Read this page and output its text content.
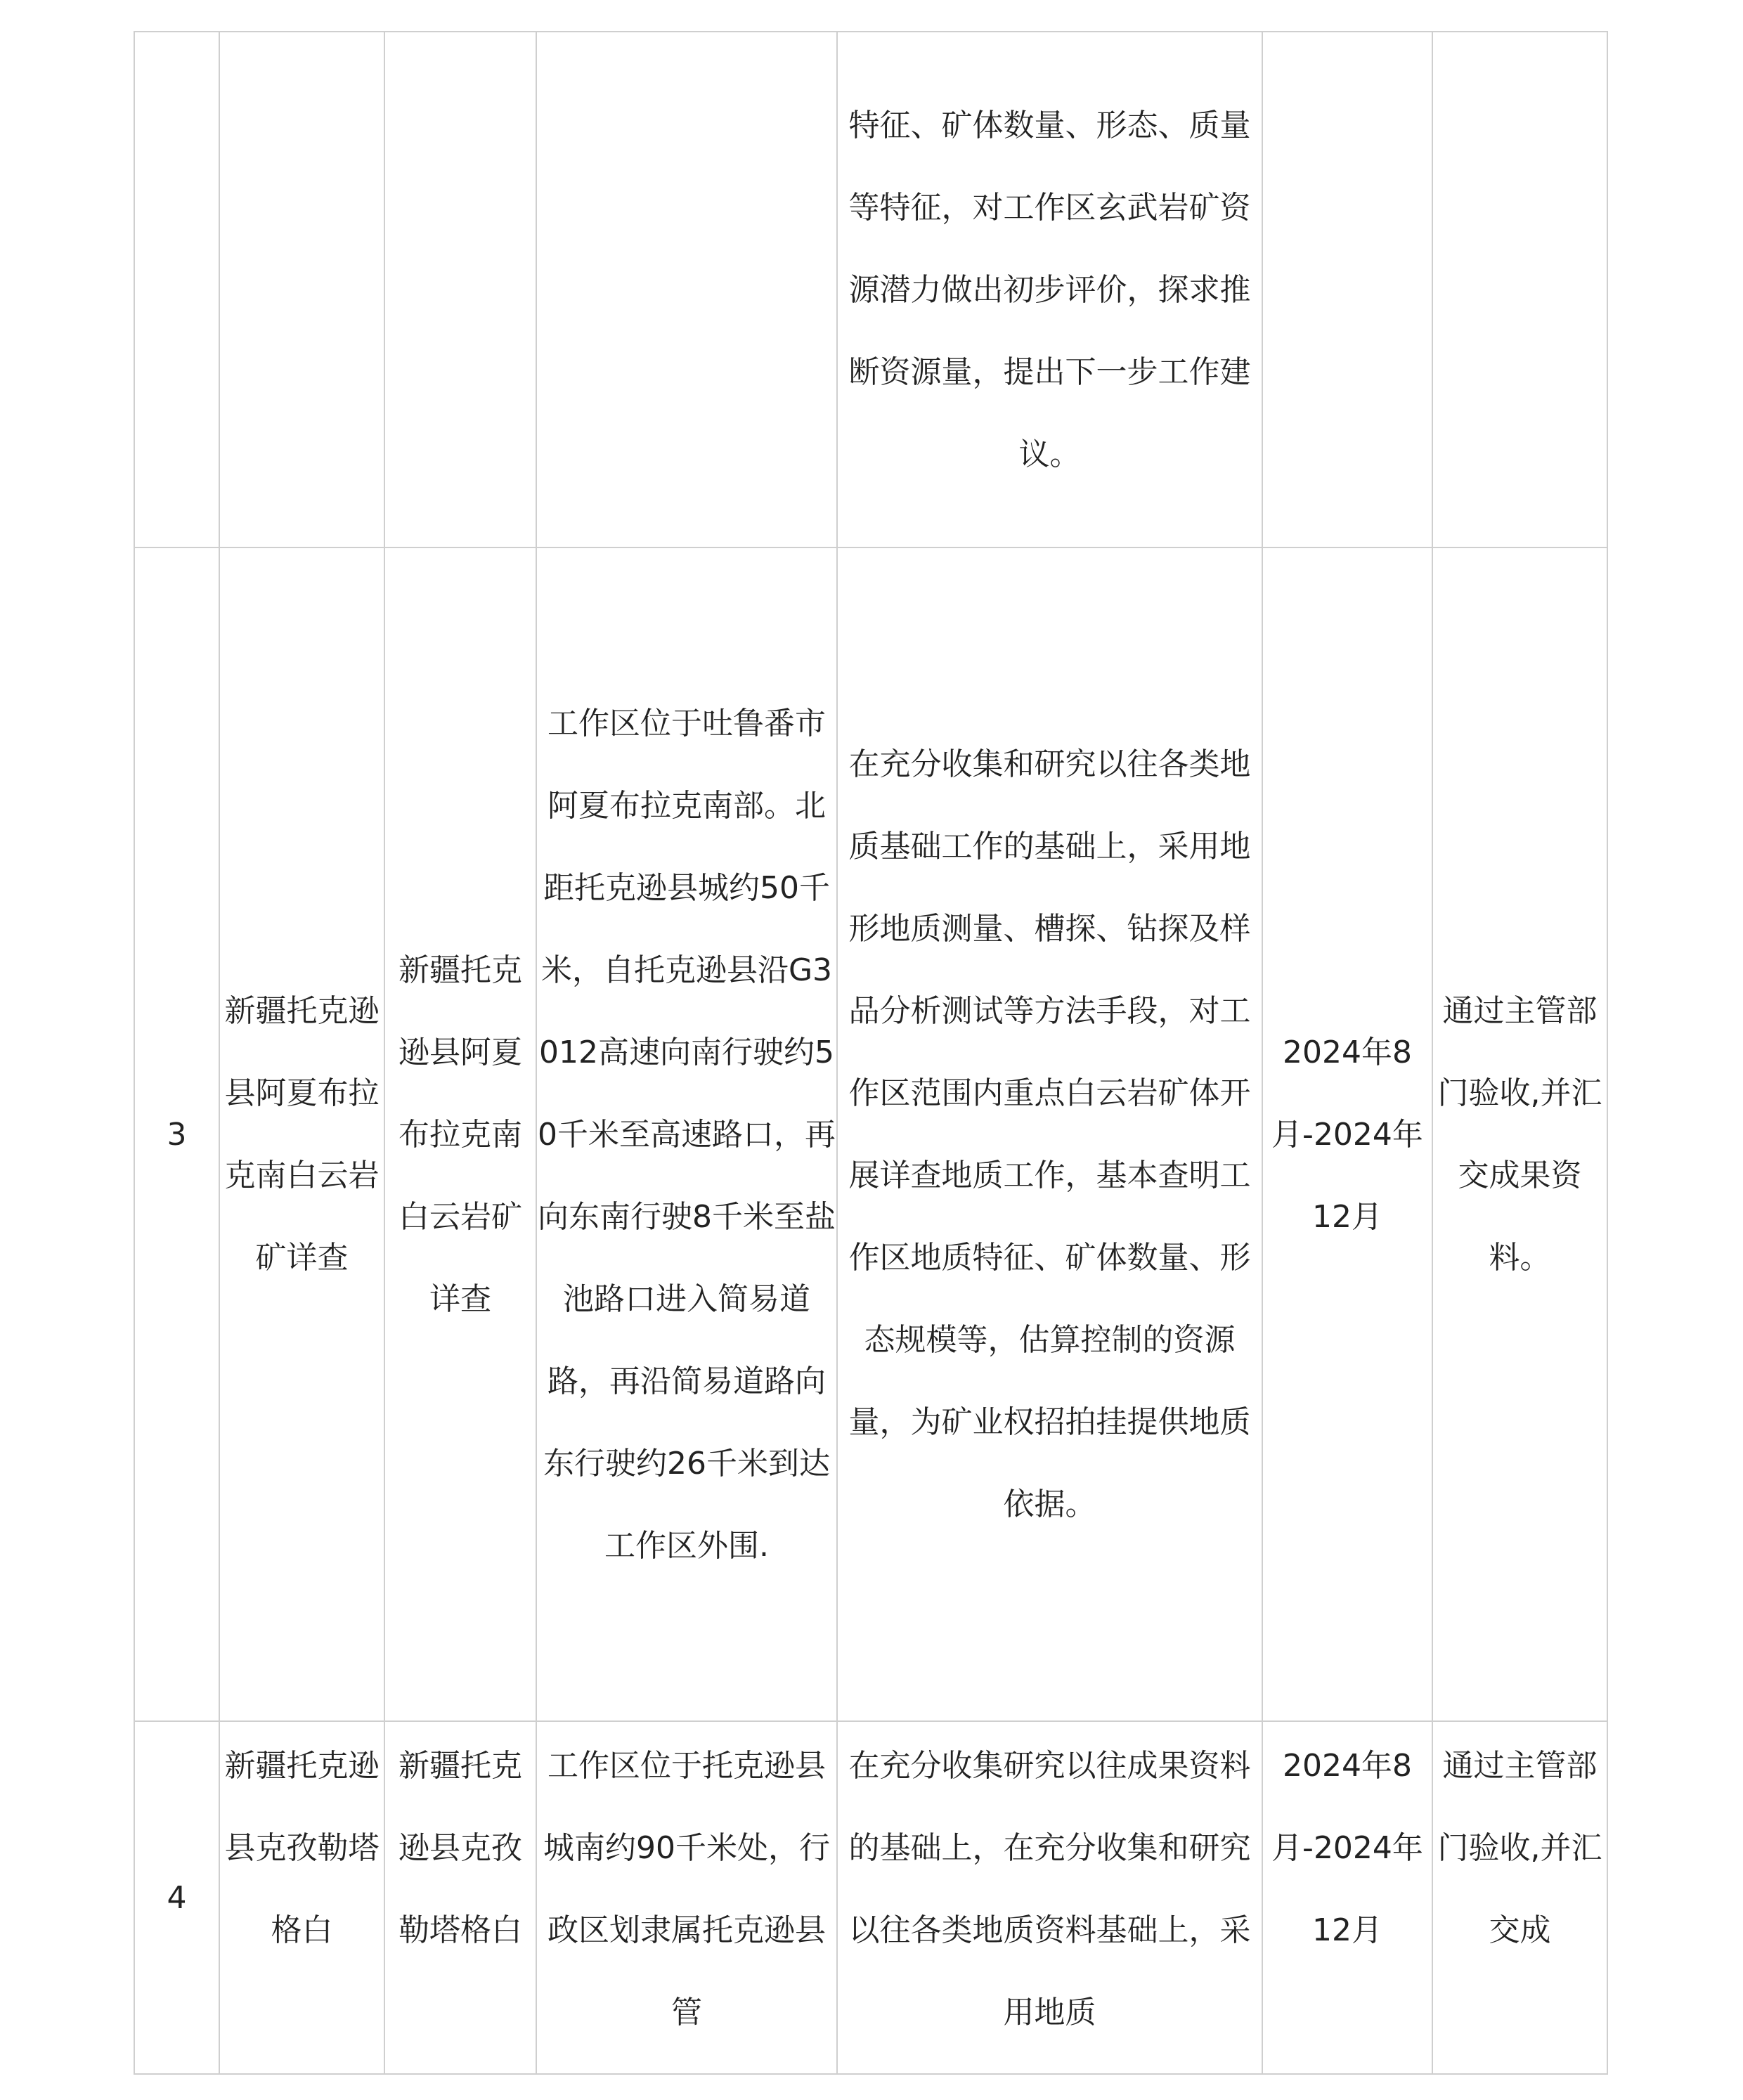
				特征、矿体数量、形态、质量等特征，对工作区玄武岩矿资源潜力做出初步评价，探求推断资源量，提出下一步工作建议。		
3	新疆托克逊县阿夏布拉克南白云岩矿详查	新疆托克逊县阿夏布拉克南白云岩矿详查	工作区位于吐鲁番市阿夏布拉克南部。北距托克逊县城约50千米，自托克逊县沿G3012高速向南行驶约50千米至高速路口，再向东南行驶8千米至盐池路口进入简易道路，再沿简易道路向东行驶约26千米到达工作区外围.	在充分收集和研究以往各类地质基础工作的基础上，采用地形地质测量、槽探、钻探及样品分析测试等方法手段，对工作区范围内重点白云岩矿体开展详查地质工作，基本查明工作区地质特征、矿体数量、形态规模等，估算控制的资源量，为矿业权招拍挂提供地质依据。	2024年8月-2024年12月	通过主管部门验收,并汇交成果资料。
4	新疆托克逊县克孜勒塔格白	新疆托克逊县克孜勒塔格白	工作区位于托克逊县城南约90千米处，行政区划隶属托克逊县管	在充分收集研究以往成果资料的基础上，在充分收集和研究以往各类地质资料基础上，采用地质	2024年8月-2024年12月	通过主管部门验收,并汇交成
